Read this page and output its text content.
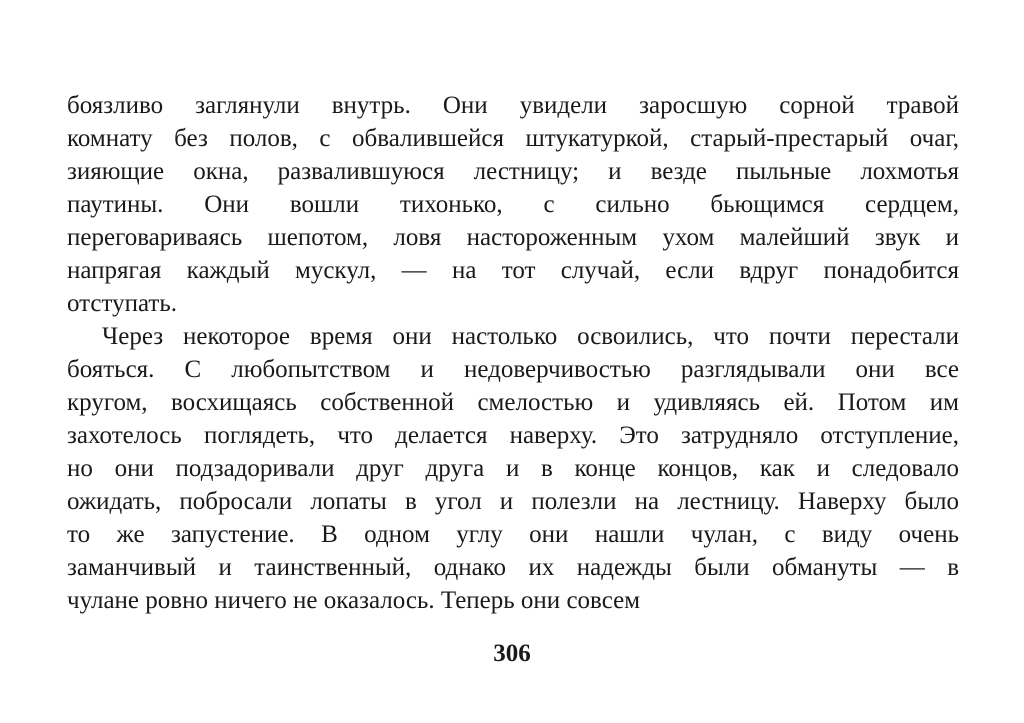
боязливо заглянули внутрь. Они увидели заросшую сорной травой
комнату без полов, с обвалившейся штукатуркой, старый-престарый очаг,
зияющие окна, развалившуюся лестницу; и везде пыльные лохмотья
паутины. Они вошли тихонько, с сильно бьющимся сердцем,
переговариваясь шепотом, ловя настороженным ухом малейший звук и
напрягая каждый мускул, — на тот случай, если вдруг понадобится
отступать.
Через некоторое время они настолько освоились, что почти перестали
бояться. С любопытством и недоверчивостью разглядывали они все
кругом, восхищаясь собственной смелостью и удивляясь ей. Потом им
захотелось поглядеть, что делается наверху. Это затрудняло отступление,
но они подзадоривали друг друга и в конце концов, как и следовало
ожидать, побросали лопаты в угол и полезли на лестницу. Наверху было
то же запустение. В одном углу они нашли чулан, с виду очень
заманчивый и таинственный, однако их надежды были обмануты — в
чулане ровно ничего не оказалось. Теперь они совсем
306
